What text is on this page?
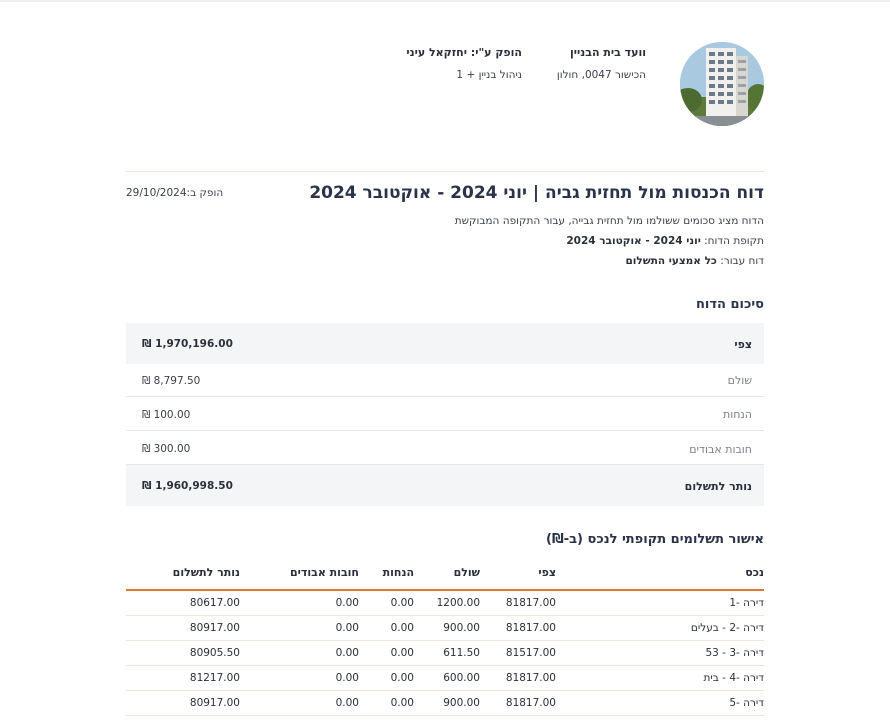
וועד בית הבניין
הכישור 0047, חולון
הופק ע"י: יחזקאל עיני
ניהול בניין + 1
דוח הכנסות מול תחזית גביה | יוני 2024 - אוקטובר 2024
הופק ב:29/10/2024
הדוח מציג סכומים ששולמו מול תחזית גבייה, עבור התקופה המבוקשת
תקופת הדוח: יוני 2024 - אוקטובר 2024
דוח עבור: כל אמצעי התשלום
סיכום הדוח
צפי
₪ 1,970,196.00
שולם
₪ 8,797.50
הנחות
₪ 100.00
חובות אבודים
₪ 300.00
נותר לתשלום
₪ 1,960,998.50
אישור תשלומים תקופתי לנכס (ב-₪)
נכס
צפי
שולם
הנחות
חובות אבודים
נותר לתשלום
דירה -1
81817.00
1200.00
0.00
0.00
80617.00
דירה -2 - בעלים
81817.00
900.00
0.00
0.00
80917.00
דירה -3 - 53
81517.00
611.50
0.00
0.00
80905.50
דירה -4 - בית
81817.00
600.00
0.00
0.00
81217.00
דירה -5
81817.00
900.00
0.00
0.00
80917.00
